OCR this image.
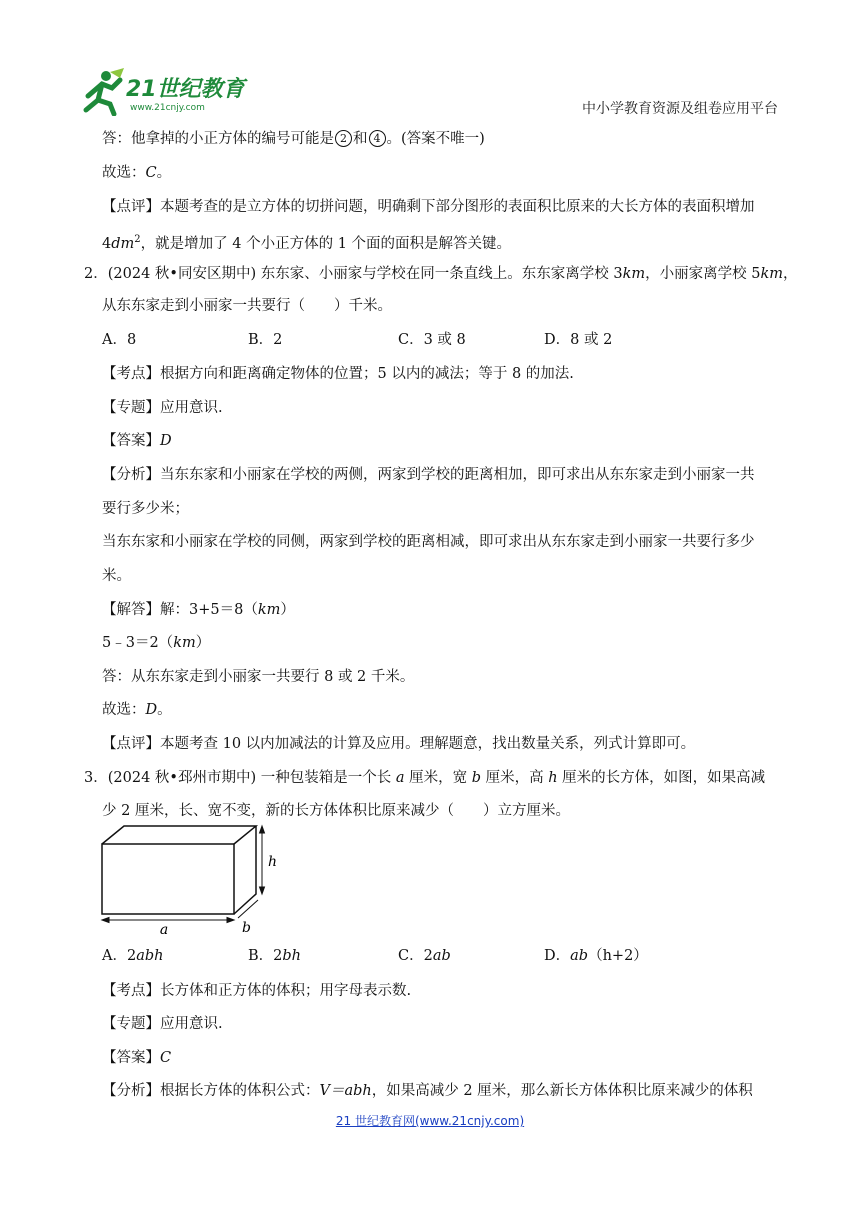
21世纪教育
www.21cnjy.com	中小学教育资源及组卷应用平台
答：他拿掉的小正方体的编号可能是 2 和 4 。(答案不唯一)
故选：C。
【点评】本题考查的是立方体的切拼问题，明确剩下部分图形的表面积比原来的大长方体的表面积增加
$4dm^2$，就是增加了 4 个小正方体的 1 个面的面积是解答关键。
2．(2024 秋•同安区期中) 东东家、小丽家与学校在同一条直线上。东东家离学校 3km，小丽家离学校 5km，
从东东家走到小丽家一共要行（　　）千米。
A．8	B．2	C．3 或 8	D．8 或 2
【考点】根据方向和距离确定物体的位置；5 以内的减法；等于 8 的加法.
【专题】应用意识.
【答案】D
【分析】当东东家和小丽家在学校的两侧，两家到学校的距离相加，即可求出从东东家走到小丽家一共
要行多少米；
当东东家和小丽家在学校的同侧，两家到学校的距离相减，即可求出从东东家走到小丽家一共要行多少
米。
【解答】解：3+5＝8（km）
5﹣3＝2（km）
答：从东东家走到小丽家一共要行 8 或 2 千米。
故选：D。
【点评】本题考查 10 以内加减法的计算及应用。理解题意，找出数量关系，列式计算即可。
3．(2024 秋•邳州市期中) 一种包装箱是一个长 a 厘米，宽 b 厘米，高 h 厘米的长方体，如图，如果高减
少 2 厘米，长、宽不变，新的长方体体积比原来减少（　　）立方厘米。
a
h
b
A．2abh	B．2bh	C．2ab	D．ab（h+2）
【考点】长方体和正方体的体积；用字母表示数.
【专题】应用意识.
【答案】C
【分析】根据长方体的体积公式：V＝abh，如果高减少 2 厘米，那么新长方体体积比原来减少的体积
21 世纪教育网(www.21cnjy.com)
